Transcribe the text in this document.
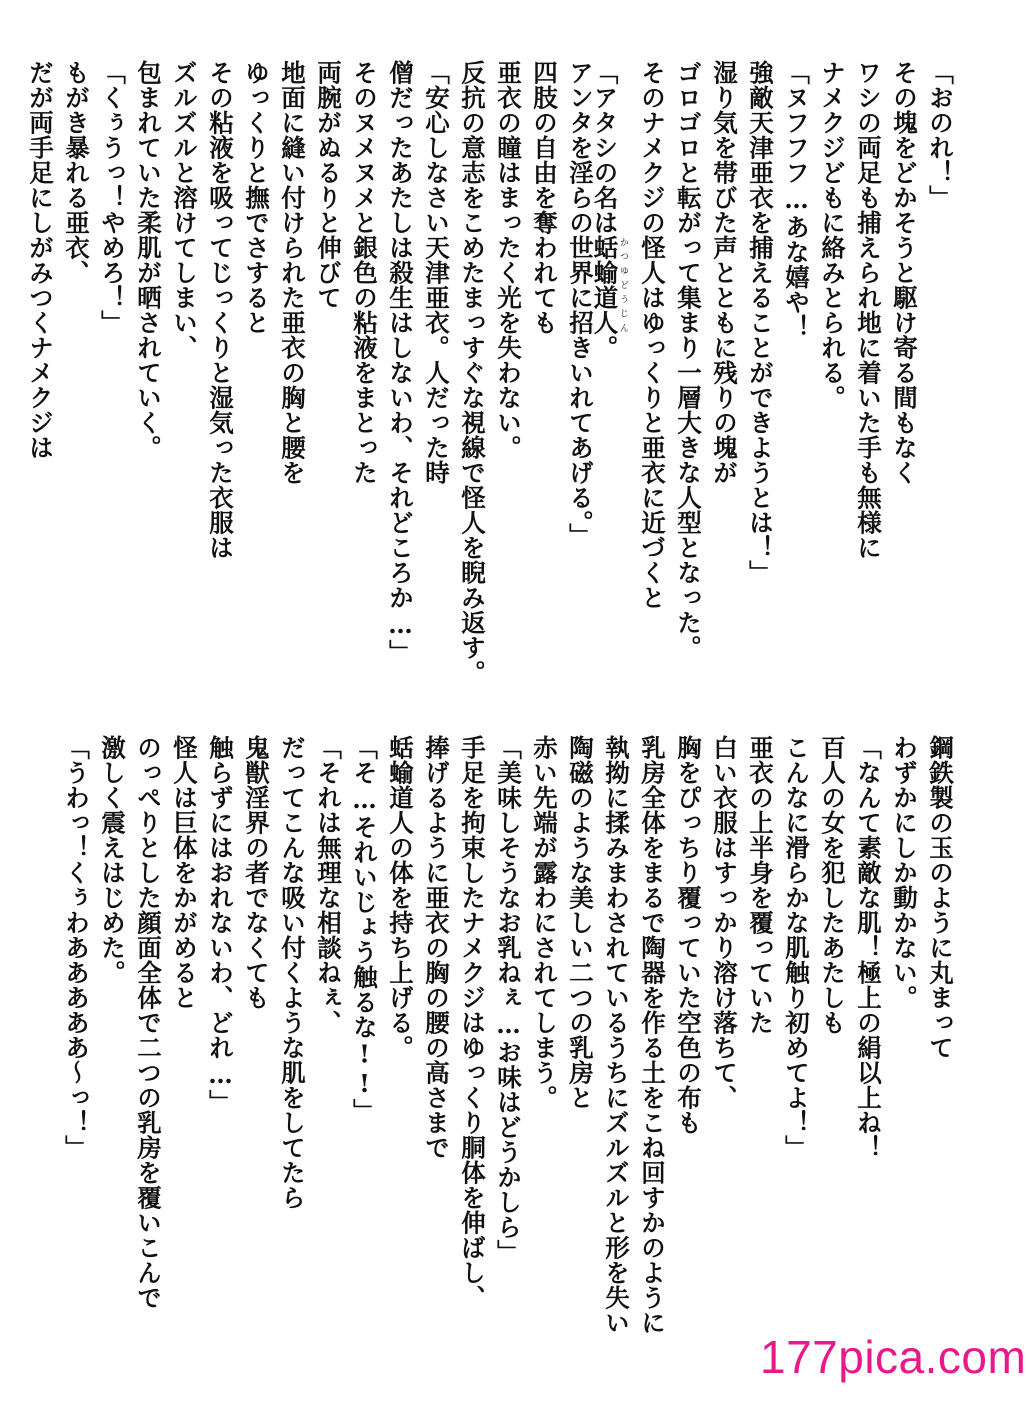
「おのれ！」
その塊をどかそうと駆け寄る間もなく
ワシの両足も捕えられ地に着いた手も無様に
ナメクジどもに絡みとられる。
「ヌフフフ…あな嬉や！
強敵天津亜衣を捕えることができようとは！」
湿り気を帯びた声とともに残りの塊が
ゴロゴロと転がって集まり一層大きな人型となった。
そのナメクジの怪人はゆっくりと亜衣に近づくと
「アタシの名は蛞蝓道人かつゆどうじん。
アンタを淫らの世界に招きいれてあげる。」
四肢の自由を奪われても
亜衣の瞳はまったく光を失わない。
反抗の意志をこめたまっすぐな視線で怪人を睨み返す。
「安心しなさい天津亜衣。人だった時
僧だったあたしは殺生はしないわ、それどころか…」
そのヌメヌメと銀色の粘液をまとった
両腕がぬるりと伸びて
地面に縫い付けられた亜衣の胸と腰を
ゆっくりと撫でさすると
その粘液を吸ってじっくりと湿気った衣服は
ズルズルと溶けてしまい、
包まれていた柔肌が晒されていく。
「くぅうっ！やめろ！」
もがき暴れる亜衣、
だが両手足にしがみつくナメクジは
鋼鉄製の玉のように丸まって
わずかにしか動かない。
「なんて素敵な肌！極上の絹以上ね！
百人の女を犯したあたしも
こんなに滑らかな肌触り初めてよ！」
亜衣の上半身を覆っていた
白い衣服はすっかり溶け落ちて、
胸をぴっちり覆っていた空色の布も
乳房全体をまるで陶器を作る土をこね回すかのように
執拗に揉みまわされているうちにズルズルと形を失い
陶磁のような美しい二つの乳房と
赤い先端が露わにされてしまう。
「美味しそうなお乳ねぇ…お味はどうかしら」
手足を拘束したナメクジはゆっくり胴体を伸ばし、
捧げるように亜衣の胸の腰の高さまで
蛞蝓道人の体を持ち上げる。
「そ…それいじょう触るな!!」
「それは無理な相談ねぇ、
だってこんな吸い付くような肌をしてたら
鬼獣淫界の者でなくても
触らずにはおれないわ、どれ…」
怪人は巨体をかがめると
のっぺりとした顔面全体で二つの乳房を覆いこんで
激しく震えはじめた。
「うわっ！くぅわあああああ〜っ！」
177pica.com
